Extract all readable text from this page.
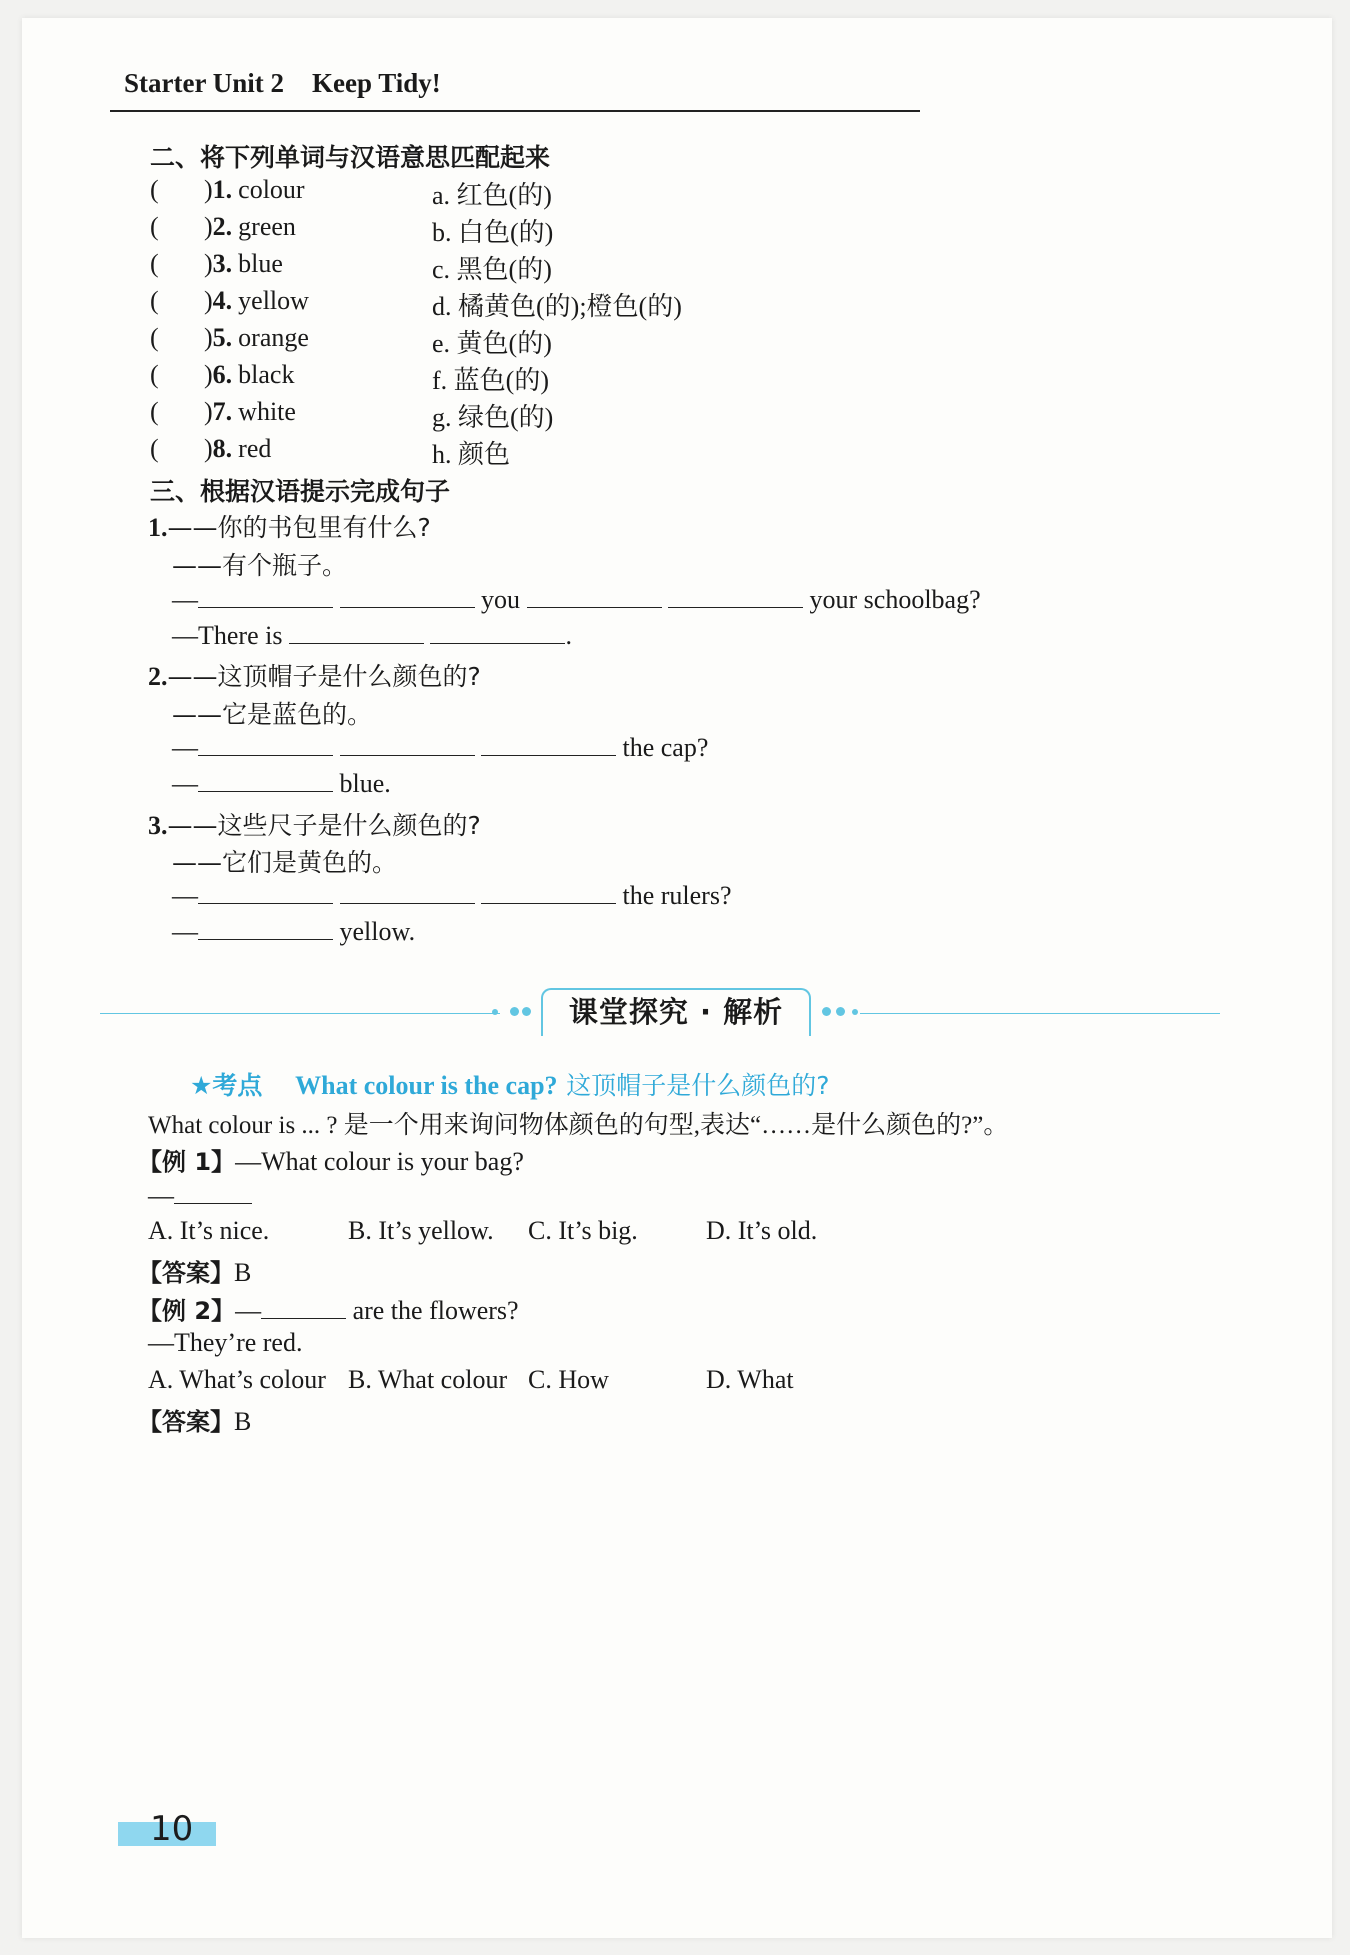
Starter Unit 2 Keep Tidy!
二、将下列单词与汉语意思匹配起来
( )1. colour	a. 红色(的)
( )2. green	b. 白色(的)
( )3. blue	c. 黑色(的)
( )4. yellow	d. 橘黄色(的);橙色(的)
( )5. orange	e. 黄色(的)
( )6. black	f. 蓝色(的)
( )7. white	g. 绿色(的)
( )8. red	h. 颜色
三、根据汉语提示完成句子
1.——你的书包里有什么?
——有个瓶子。
—	you	your schoolbag?
—There is	.
2.——这顶帽子是什么颜色的?
——它是蓝色的。
—	the cap?
—	blue.
3.——这些尺子是什么颜色的?
——它们是黄色的。
—	the rulers?
—	yellow.
课堂探究 · 解析
★考点 What colour is the cap? 这顶帽子是什么颜色的?
What colour is ... ? 是一个用来询问物体颜色的句型,表达“……是什么颜色的?”。
【例 1】—What colour is your bag?
—
A. It’s nice.	B. It’s yellow. C. It’s big.	D. It’s old.
【答案】B
【例 2】—	are the flowers?
—They’re red.
A. What’s colour B. What colour C. How	D. What
【答案】B
10
